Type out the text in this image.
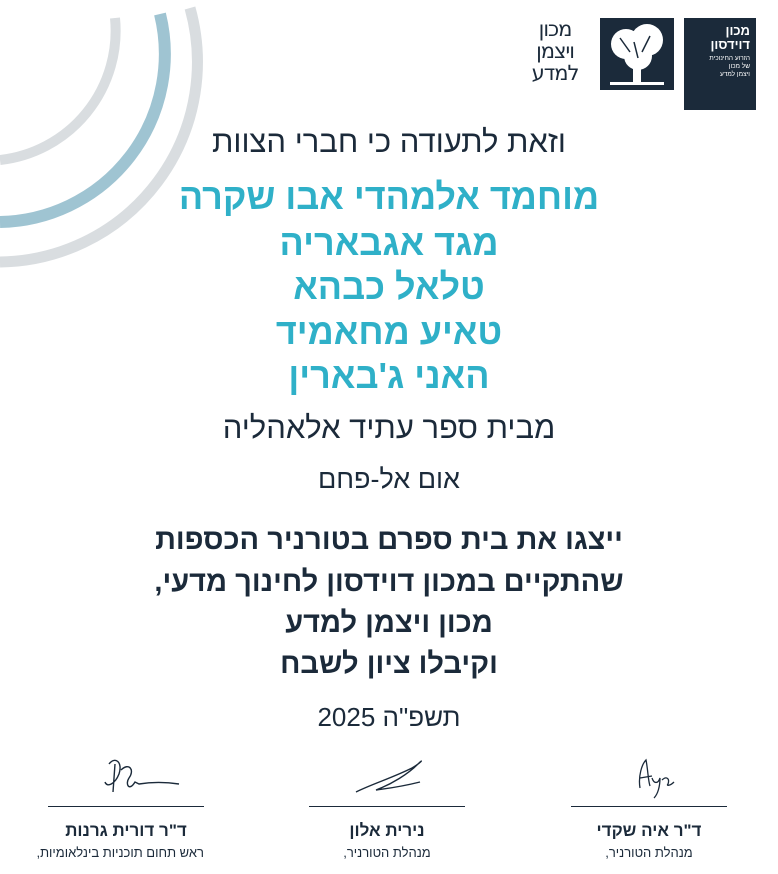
מכון
ויצמן
למדע
מכון
דוידסון
הזרוע החינוכית
של מכון
ויצמן למדע
וזאת לתעודה כי חברי הצוות
מוחמד אלמהדי אבו שקרה
מגד אגבאריה
טלאל כבהא
טאיע מחאמיד
האני ג'בארין
מבית ספר עתיד אלאהליה
אום אל-פחם
ייצגו את בית ספרם בטורניר הכספות
שהתקיים במכון דוידסון לחינוך מדעי,
מכון ויצמן למדע
וקיבלו ציון לשבח
תשפ"ה 2025
ד"ר דורית גרנות
ראש תחום תוכניות בינלאומיות,
נירית אלון
מנהלת הטורניר,
ד"ר איה שקדי
מנהלת הטורניר,
